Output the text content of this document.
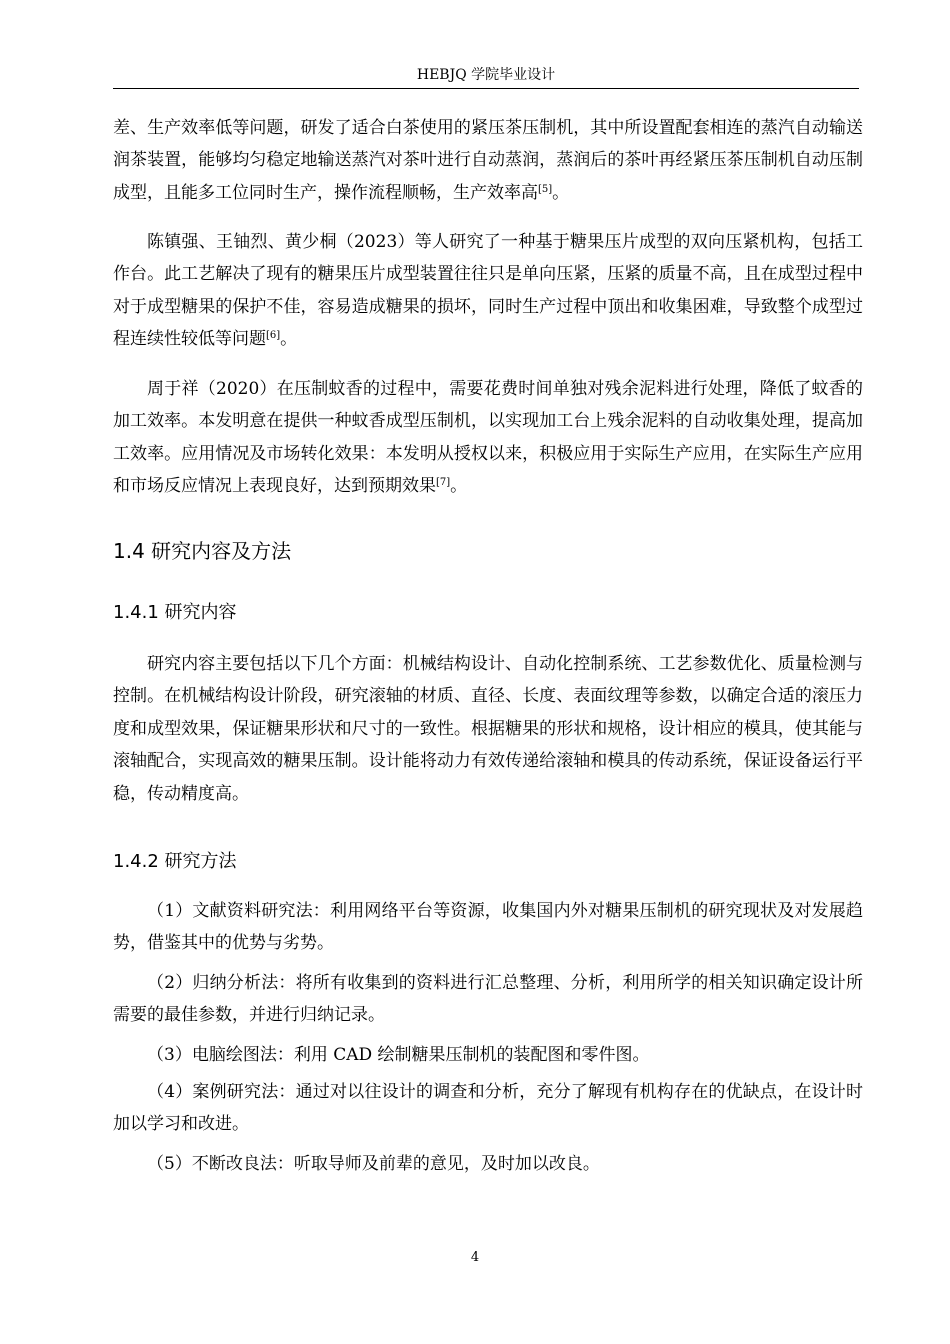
HEBJQ 学院毕业设计

差、生产效率低等问题，研发了适合白茶使用的紧压茶压制机，其中所设置配套相连的蒸汽自动输送润茶装置，能够均匀稳定地输送蒸汽对茶叶进行自动蒸润，蒸润后的茶叶再经紧压茶压制机自动压制成型，且能多工位同时生产，操作流程顺畅，生产效率高[5]。

陈镇强、王铀烈、黄少桐（2023）等人研究了一种基于糖果压片成型的双向压紧机构，包括工作台。此工艺解决了现有的糖果压片成型装置往往只是单向压紧，压紧的质量不高，且在成型过程中对于成型糖果的保护不佳，容易造成糖果的损坏，同时生产过程中顶出和收集困难，导致整个成型过程连续性较低等问题[6]。

周于祥（2020）在压制蚊香的过程中，需要花费时间单独对残余泥料进行处理，降低了蚊香的加工效率。本发明意在提供一种蚊香成型压制机，以实现加工台上残余泥料的自动收集处理，提高加工效率。应用情况及市场转化效果：本发明从授权以来，积极应用于实际生产应用，在实际生产应用和市场反应情况上表现良好，达到预期效果[7]。

1.4 研究内容及方法
1.4.1 研究内容

研究内容主要包括以下几个方面：机械结构设计、自动化控制系统、工艺参数优化、质量检测与控制。在机械结构设计阶段，研究滚轴的材质、直径、长度、表面纹理等参数，以确定合适的滚压力度和成型效果，保证糖果形状和尺寸的一致性。根据糖果的形状和规格，设计相应的模具，使其能与滚轴配合，实现高效的糖果压制。设计能将动力有效传递给滚轴和模具的传动系统，保证设备运行平稳，传动精度高。

1.4.2 研究方法

（1）文献资料研究法：利用网络平台等资源，收集国内外对糖果压制机的研究现状及对发展趋势，借鉴其中的优势与劣势。

（2）归纳分析法：将所有收集到的资料进行汇总整理、分析，利用所学的相关知识确定设计所需要的最佳参数，并进行归纳记录。

（3）电脑绘图法：利用 CAD 绘制糖果压制机的装配图和零件图。

（4）案例研究法：通过对以往设计的调查和分析，充分了解现有机构存在的优缺点，在设计时加以学习和改进。

（5）不断改良法：听取导师及前辈的意见，及时加以改良。

4
